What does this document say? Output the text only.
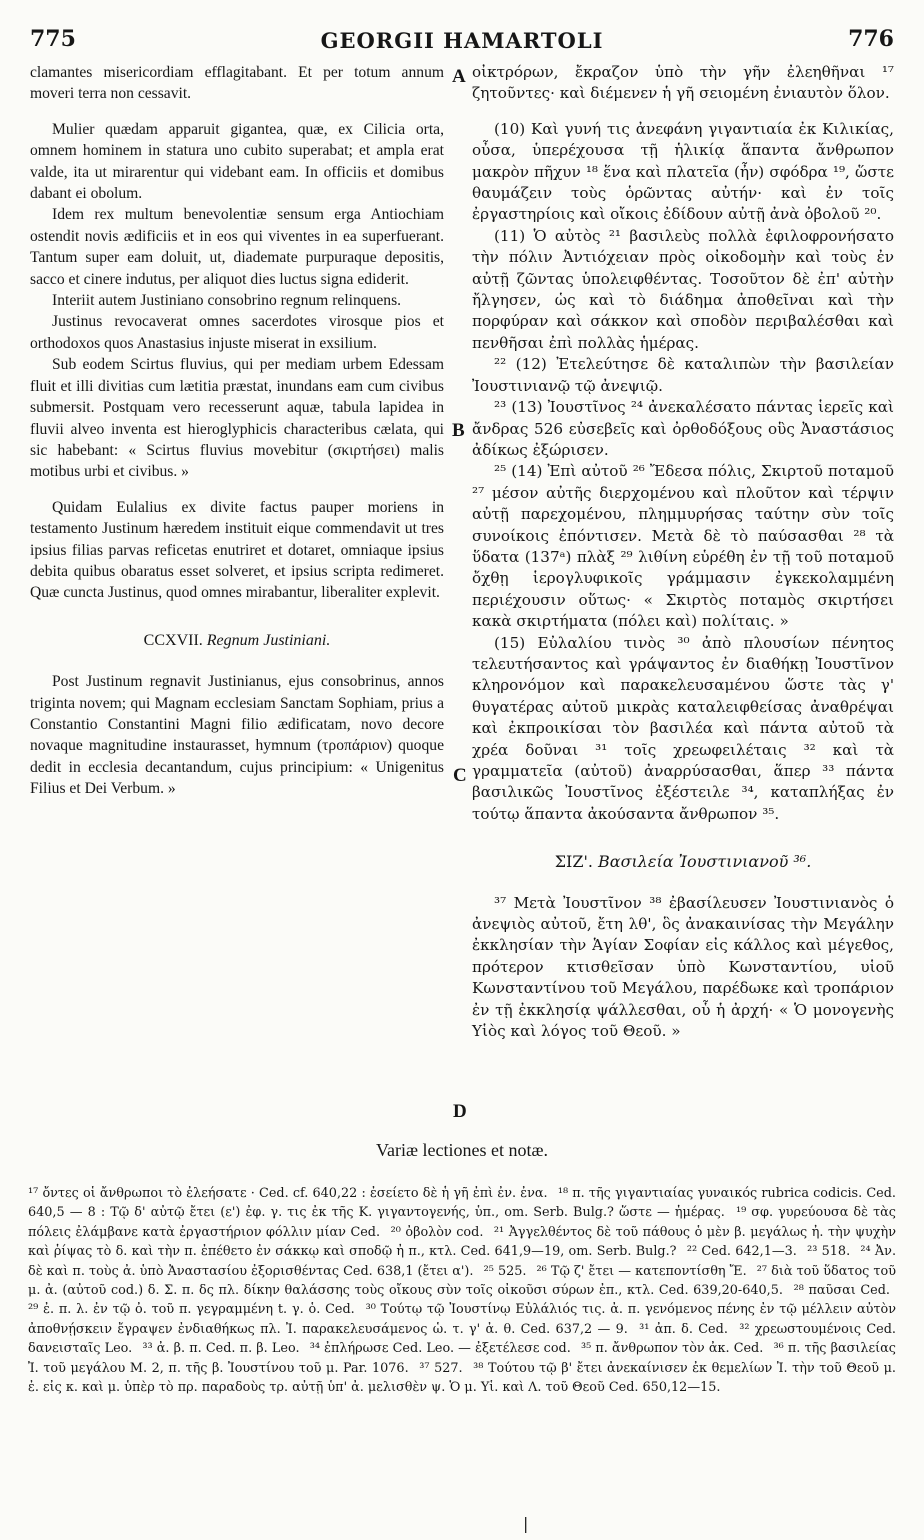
775	GEORGII HAMARTOLI	776

clamantes misericordiam efflagitabant. Et per totum annum moveri terra non cessavit.

Mulier quædam apparuit gigantea, quæ, ex Cilicia orta, omnem hominem in statura uno cubito superabat; et ampla erat valde, ita ut mirarentur qui videbant eam. In officiis et domibus dabant ei obolum.

Idem rex multum benevolentiæ sensum erga Antiochiam ostendit novis ædificiis et in eos qui viventes in ea superfuerant. Tantum super eam doluit, ut, diademate purpuraque depositis, sacco et cinere indutus, per aliquot dies luctus signa ediderit.

Interiit autem Justiniano consobrino regnum relinquens.

Justinus revocaverat omnes sacerdotes virosque pios et orthodoxos quos Anastasius injuste miserat in exsilium.

Sub eodem Scirtus fluvius, qui per mediam urbem Edessam fluit et illi divitias cum lætitia præstat, inundans eam cum civibus submersit. Postquam vero recesserunt aquæ, tabula lapidea in fluvii alveo inventa est hieroglyphicis characteribus cælata, qui sic habebant: « Scirtus fluvius movebitur (σκιρτήσει) malis motibus urbi et civibus. »

Quidam Eulalius ex divite factus pauper moriens in testamento Justinum hæredem instituit eique commendavit ut tres ipsius filias parvas reficetas enutriret et dotaret, omniaque ipsius debita quibus obaratus esset solveret, et ipsius scripta redimeret. Quæ cuncta Justinus, quod omnes mirabantur, liberaliter explevit.

CCXVII. Regnum Justiniani.

Post Justinum regnavit Justinianus, ejus consobrinus, annos triginta novem; qui Magnam ecclesiam Sanctam Sophiam, prius a Constantio Constantini Magni filio ædificatam, novo decore novaque magnitudine instaurasset, hymnum (τροπάριον) quoque dedit in ecclesia decantandum, cujus principium: « Unigenitus Filius et Dei Verbum. »

A
B
C
D

οἰκτρόρων, ἔκραζον ὑπὸ τὴν γῆν ἐλεηθῆναι ¹⁷ ζητοῦντες· καὶ διέμενεν ἡ γῆ σειομένη ἐνιαυτὸν ὅλον.

(10) Καὶ γυνή τις ἀνεφάνη γιγαντιαία ἐκ Κιλικίας, οὖσα, ὑπερέχουσα τῇ ἡλικίᾳ ἅπαντα ἄνθρωπον μακρὸν πῆχυν ¹⁸ ἕνα καὶ πλατεῖα (ἦν) σφόδρα ¹⁹, ὥστε θαυμάζειν τοὺς ὁρῶντας αὐτήν· καὶ ἐν τοῖς ἐργαστηρίοις καὶ οἴκοις ἐδίδουν αὐτῇ ἀνὰ ὀβολοῦ ²⁰.

(11) Ὁ αὐτὸς ²¹ βασιλεὺς πολλὰ ἐφιλοφρονήσατο τὴν πόλιν Ἀντιόχειαν πρὸς οἰκοδομὴν καὶ τοὺς ἐν αὐτῇ ζῶντας ὑπολειφθέντας. Τοσοῦτον δὲ ἐπ' αὐτὴν ἤλγησεν, ὡς καὶ τὸ διάδημα ἀποθεῖναι καὶ τὴν πορφύραν καὶ σάκκον καὶ σποδὸν περιβαλέσθαι καὶ πενθῆσαι ἐπὶ πολλὰς ἡμέρας.

²² (12) Ἐτελεύτησε δὲ καταλιπὼν τὴν βασιλείαν Ἰουστινιανῷ τῷ ἀνεψιῷ.

²³ (13) Ἰουστῖνος ²⁴ ἀνεκαλέσατο πάντας ἱερεῖς καὶ ἄνδρας 526 εὐσεβεῖς καὶ ὀρθοδόξους οὓς Ἀναστάσιος ἀδίκως ἐξώρισεν.

²⁵ (14) Ἐπὶ αὐτοῦ ²⁶ Ἔδεσα πόλις, Σκιρτοῦ ποταμοῦ ²⁷ μέσον αὐτῆς διερχομένου καὶ πλοῦτον καὶ τέρψιν αὐτῇ παρεχομένου, πλημμυρήσας ταύτην σὺν τοῖς συνοίκοις ἐπόντισεν. Μετὰ δὲ τὸ παύσασθαι ²⁸ τὰ ὕδατα (137ᵃ) πλὰξ ²⁹ λιθίνη εὑρέθη ἐν τῇ τοῦ ποταμοῦ ὄχθῃ ἱερογλυφικοῖς γράμμασιν ἐγκεκολαμμένη περιέχουσιν οὕτως· « Σκιρτὸς ποταμὸς σκιρτήσει κακὰ σκιρτήματα (πόλει καὶ) πολίταις. »

(15) Εὐλαλίου τινὸς ³⁰ ἀπὸ πλουσίων πένητος τελευτήσαντος καὶ γράψαντος ἐν διαθήκῃ Ἰουστῖνον κληρονόμον καὶ παρακελευσαμένου ὥστε τὰς γ' θυγατέρας αὐτοῦ μικρὰς καταλειφθείσας ἀναθρέψαι καὶ ἐκπροικίσαι τὸν βασιλέα καὶ πάντα αὐτοῦ τὰ χρέα δοῦναι ³¹ τοῖς χρεωφειλέταις ³² καὶ τὰ γραμματεῖα (αὐτοῦ) ἀναρρύσασθαι, ἅπερ ³³ πάντα βασιλικῶς Ἰουστῖνος ἐξέστειλε ³⁴, καταπλήξας ἐν τούτῳ ἅπαντα ἀκούσαντα ἄνθρωπον ³⁵.

ΣΙΖ'. Βασιλεία Ἰουστινιανοῦ ³⁶.

³⁷ Μετὰ Ἰουστῖνον ³⁸ ἐβασίλευσεν Ἰουστινιανὸς ὁ ἀνεψιὸς αὐτοῦ, ἔτη λθ', ὃς ἀνακαινίσας τὴν Μεγάλην ἐκκλησίαν τὴν Ἁγίαν Σοφίαν εἰς κάλλος καὶ μέγεθος, πρότερον κτισθεῖσαν ὑπὸ Κωνσταντίου, υἱοῦ Κωνσταντίνου τοῦ Μεγάλου, παρέδωκε καὶ τροπάριον ἐν τῇ ἐκκλησίᾳ ψάλλεσθαι, οὗ ἡ ἀρχή· « Ὁ μονογενὴς Υἱὸς καὶ λόγος τοῦ Θεοῦ. »

Variæ lectiones et notæ.
¹⁷ ὄντες οἱ ἄνθρωποι τὸ ἐλεήσατε · Ced. cf. 640,22 : ἐσείετο δὲ ἡ γῆ ἐπὶ ἐν. ἐνα. ¹⁸ π. τῆς γιγαντιαίας γυναικός rubrica codicis. Ced. 640,5 — 8 : Τῷ δ' αὐτῷ ἔτει (ε') ἐφ. γ. τις ἐκ τῆς Κ. γιγαντογενής, ὑπ., om. Serb. Bulg.? ὥστε — ἡμέρας. ¹⁹ σφ. γυρεύουσα δὲ τὰς πόλεις ἐλάμβανε κατὰ ἐργαστήριον φόλλιν μίαν Ced. ²⁰ ὀβολὸν cod. ²¹ Ἀγγελθέντος δὲ τοῦ πάθους ὁ μὲν β. μεγάλως ἠ. τὴν ψυχὴν καὶ ῥίψας τὸ δ. καὶ τὴν π. ἐπέθετο ἐν σάκκῳ καὶ σποδῷ ἠ π., κτλ. Ced. 641,9—19, om. Serb. Bulg.? ²² Ced. 642,1—3. ²³ 518. ²⁴ Ἀν. δὲ καὶ π. τοὺς ἀ. ὑπὸ Ἀναστασίου ἐξορισθέντας Ced. 638,1 (ἔτει α'). ²⁵ 525. ²⁶ Τῷ ζ' ἔτει — κατεποντίσθη Ἔ. ²⁷ διὰ τοῦ ὕδατος τοῦ μ. ἀ. (αὐτοῦ cod.) δ. Σ. π. δς πλ. δίκην θαλάσσης τοὺς οἴκους σὺν τοῖς οἰκοῦσι σύρων ἐπ., κτλ. Ced. 639,20-640,5. ²⁸ παῦσαι Ced. ²⁹ ἐ. π. λ. ἐν τῷ ὀ. τοῦ π. γεγραμμένη t. γ. ὁ. Ced. ³⁰ Τούτῳ τῷ Ἰουστίνῳ Εὐλάλιός τις. ἀ. π. γενόμενος πένης ἐν τῷ μέλλειν αὐτὸν ἀποθνῄσκειν ἔγραψεν ἐνδιαθήκως πλ. Ἰ. παρακελευσάμενος ὡ. τ. γ' ἀ. θ. Ced. 637,2 — 9. ³¹ ἀπ. δ. Ced. ³² χρεωστουμένοις Ced. δανεισταῖς Leo. ³³ ἀ. β. π. Ced. π. β. Leo. ³⁴ ἐπλήρωσε Ced. Leo. — ἐξετέλεσε cod. ³⁵ π. ἄνθρωπον τὸν ἀκ. Ced. ³⁶ π. τῆς βασιλείας Ἰ. τοῦ μεγάλου Μ. 2, π. τῆς β. Ἰουστίνου τοῦ μ. Par. 1076. ³⁷ 527. ³⁸ Τούτου τῷ β' ἔτει ἀνεκαίνισεν ἐκ θεμελίων Ἰ. τὴν τοῦ Θεοῦ μ. ἐ. εἰς κ. καὶ μ. ὑπὲρ τὸ πρ. παραδοὺς τρ. αὐτῇ ὑπ' ἀ. μελισθὲν ψ. Ὁ μ. Υἱ. καὶ Λ. τοῦ Θεοῦ Ced. 650,12—15.
|
